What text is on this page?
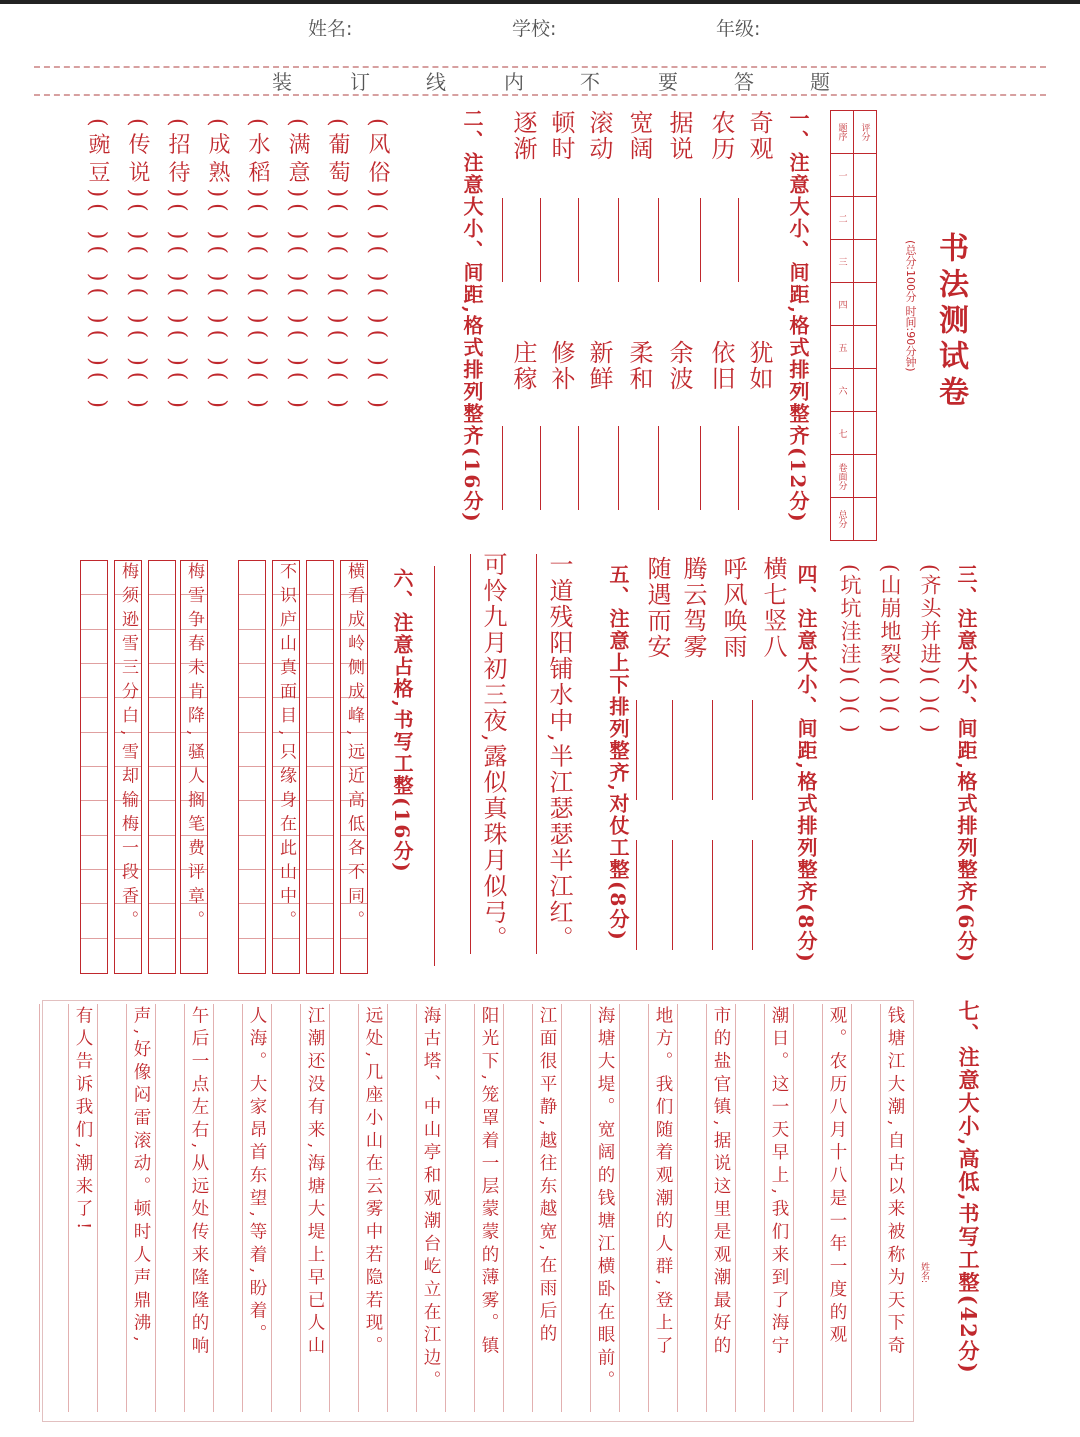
姓名:	学校:	年级:
装	订	线	内	不	要	答	题
书法测试卷
(总分:100分 时间:90分钟)
题序	评分
一	
二	
三	
四	
五	
六	
七	
卷面分	
总分	
一、注意大小、间距,格式排列整齐(12分)
二、注意大小、间距,格式排列整齐(16分)
三、注意大小、间距,格式排列整齐(6分)
(齐头并进)( )( )
(山崩地裂)( )( )
(坑坑洼洼)( )( )
四、注意大小、间距,格式排列整齐(8分)
五、注意上下排列整齐,对仗工整(8分)
一道残阳铺水中,半江瑟瑟半江红。
可怜九月初三夜,露似真珠月似弓。
六、注意占格,书写工整(16分)
七、注意大小,高低,书写工整(42分)
姓名:
奇观
犹如
农历
依旧
据说
余波
宽阔
柔和
滚动
新鲜
顿时
修补
逐渐
庄稼
(风俗)( )( )( )( )( )
(葡萄)( )( )( )( )( )
(满意)( )( )( )( )( )
(水稻)( )( )( )( )( )
(成熟)( )( )( )( )( )
(招待)( )( )( )( )( )
(传说)( )( )( )( )( )
(豌豆)( )( )( )( )( )
横七竖八
呼风唤雨
腾云驾雾
随遇而安
横看成岭侧成峰,远近高低各不同。
不识庐山真面目,只缘身在此山中。
梅雪争春未肯降,骚人搁笔费评章。
梅须逊雪三分白,雪却输梅一段香。
钱塘江大潮,自古以来被称为天下奇
观。农历八月十八是一年一度的观
潮日。这一天早上,我们来到了海宁
市的盐官镇,据说这里是观潮最好的
地方。我们随着观潮的人群,登上了
海塘大堤。宽阔的钱塘江横卧在眼前。
江面很平静,越往东越宽,在雨后的
阳光下,笼罩着一层蒙蒙的薄雾。镇
海古塔、中山亭和观潮台屹立在江边。
远处,几座小山在云雾中若隐若现。
江潮还没有来,海塘大堤上早已人山
人海。大家昂首东望,等着,盼着。
午后一点左右,从远处传来隆隆的响
声,好像闷雷滚动。顿时人声鼎沸,
有人告诉我们,潮来了!
